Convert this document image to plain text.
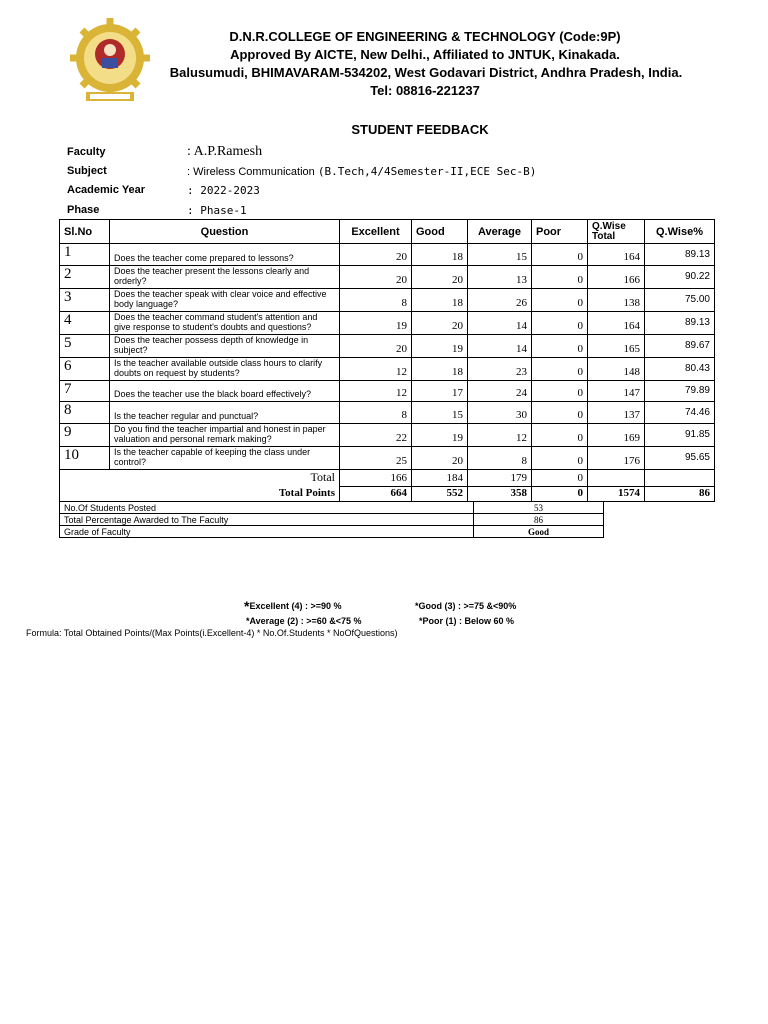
D.N.R.COLLEGE OF ENGINEERING & TECHNOLOGY (Code:9P)
Approved By AICTE, New Delhi., Affiliated to JNTUK, Kinakada.
Balusumudi, BHIMAVARAM-534202, West Godavari District, Andhra Pradesh, India.
Tel: 08816-221237
STUDENT FEEDBACK
Faculty	: A.P.Ramesh
Subject	: Wireless Communication (B.Tech,4/4Semester-II,ECE Sec-B)
Academic Year	: 2022-2023
Phase	: Phase-1
Sl.No	Question	Excellent	Good	Average	Poor	Q.Wise Total	Q.Wise%
1	Does the teacher come prepared to lessons?	20	18	15	0	164	89.13
2	Does the teacher present the lessons clearly and orderly?	20	20	13	0	166	90.22
3	Does the teacher speak with clear voice and effective body language?	8	18	26	0	138	75.00
4	Does the teacher command student's attention and give response to student's doubts and questions?	19	20	14	0	164	89.13
5	Does the teacher possess depth of knowledge in subject?	20	19	14	0	165	89.67
6	Is the teacher available outside class hours to clarify doubts on request by students?	12	18	23	0	148	80.43
7	Does the teacher use the black board effectively?	12	17	24	0	147	79.89
8	Is the teacher regular and punctual?	8	15	30	0	137	74.46
9	Do you find the teacher impartial and honest in paper valuation and personal remark making?	22	19	12	0	169	91.85
10	Is the teacher capable of keeping the class under control?	25	20	8	0	176	95.65
Total		166	184	179	0		
Total Points		664	552	358	0	1574	86
No.Of Students Posted	53
Total Percentage Awarded to The Faculty	86
Grade of Faculty	Good
*Excellent (4) : >=90 %	*Good (3) : >=75 &<90%
*Average (2) : >=60 &<75 %	*Poor (1) : Below 60 %
Formula: Total Obtained Points/(Max Points(i.Excellent-4) * No.Of.Students * NoOfQuestions)
